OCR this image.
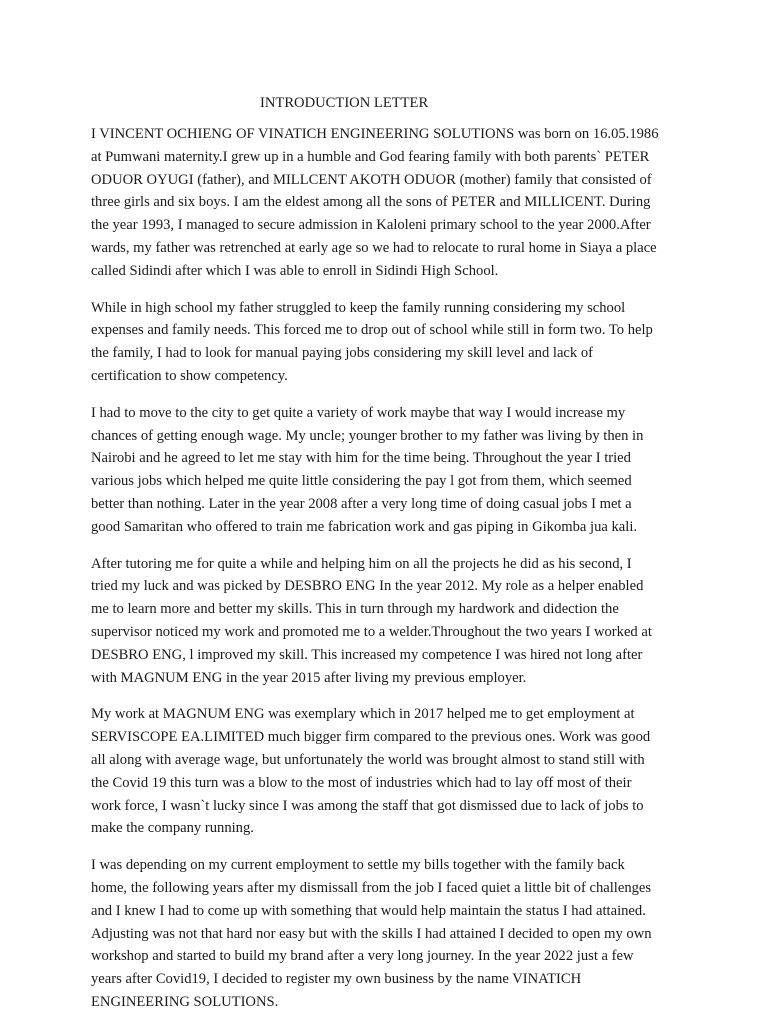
INTRODUCTION LETTER

I VINCENT OCHIENG OF VINATICH ENGINEERING SOLUTIONS was born on 16.05.1986
at Pumwani maternity.I grew up in a humble and God fearing family with both parents` PETER
ODUOR OYUGI (father), and MILLCENT AKOTH ODUOR (mother) family that consisted of
three girls and six boys. I am the eldest among all the sons of PETER and MILLICENT. During
the year 1993, I managed to secure admission in Kaloleni primary school to the year 2000.After
wards, my father was retrenched at early age so we had to relocate to rural home in Siaya a place
called Sidindi after which I was able to enroll in Sidindi High School.

While in high school my father struggled to keep the family running considering my school
expenses and family needs. This forced me to drop out of school while still in form two. To help
the family, I had to look for manual paying jobs considering my skill level and lack of
certification to show competency.

I had to move to the city to get quite a variety of work maybe that way I would increase my
chances of getting enough wage. My uncle; younger brother to my father was living by then in
Nairobi and he agreed to let me stay with him for the time being. Throughout the year I tried
various jobs which helped me quite little considering the pay l got from them, which seemed
better than nothing. Later in the year 2008 after a very long time of doing casual jobs I met a
good Samaritan who offered to train me fabrication work and gas piping in Gikomba jua kali.

After tutoring me for quite a while and helping him on all the projects he did as his second, I
tried my luck and was picked by DESBRO ENG In the year 2012. My role as a helper enabled
me to learn more and better my skills. This in turn through my hardwork and didection the
supervisor noticed my work and promoted me to a welder.Throughout the two years I worked at
DESBRO ENG, l improved my skill. This increased my competence I was hired not long after
with MAGNUM ENG in the year 2015 after living my previous employer.

My work at MAGNUM ENG was exemplary which in 2017 helped me to get employment at
SERVISCOPE EA.LIMITED much bigger firm compared to the previous ones. Work was good
all along with average wage, but unfortunately the world was brought almost to stand still with
the Covid 19 this turn was a blow to the most of industries which had to lay off most of their
work force, I wasn`t lucky since I was among the staff that got dismissed due to lack of jobs to
make the company running.

I was depending on my current employment to settle my bills together with the family back
home, the following years after my dismissall from the job I faced quiet a little bit of challenges
and I knew I had to come up with something that would help maintain the status I had attained.
Adjusting was not that hard nor easy but with the skills I had attained I decided to open my own
workshop and started to build my brand after a very long journey. In the year 2022 just a few
years after Covid19, I decided to register my own business by the name VINATICH
ENGINEERING SOLUTIONS.
